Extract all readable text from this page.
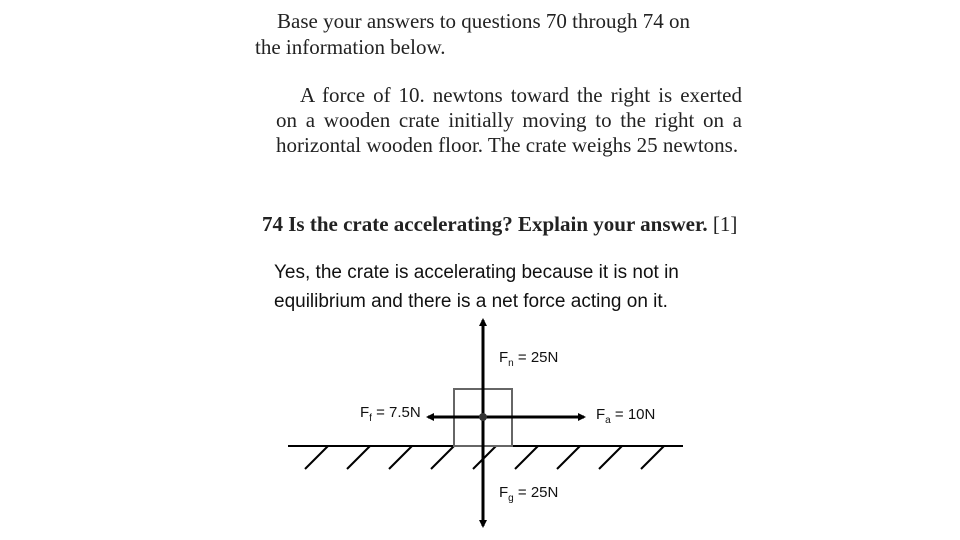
Base your answers to questions 70 through 74 on
the information below.
A force of 10. newtons toward the right is exerted on a wooden crate initially moving to the right on a horizontal wooden floor. The crate weighs 25 newtons.
74 Is the crate accelerating? Explain your answer. [1]
Yes, the crate is accelerating because it is not in equilibrium and there is a net force acting on it.
$F_n = 25N$
$F_f = 7.5N$	$F_a = 10N$
$F_g = 25N$
